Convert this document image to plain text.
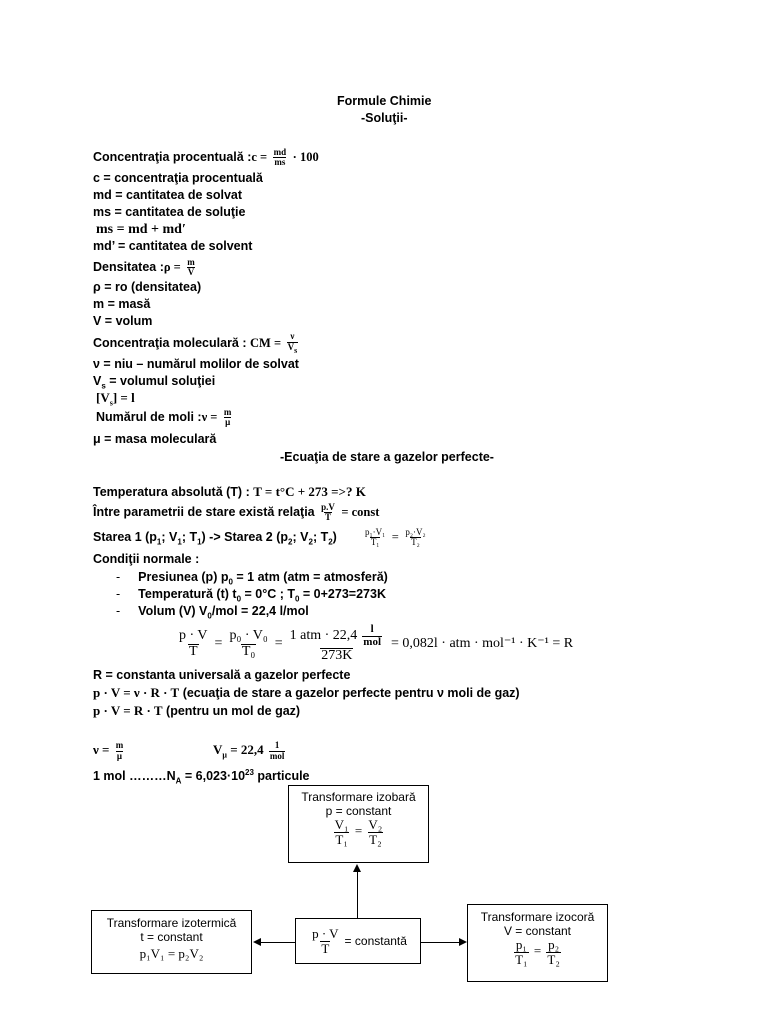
Formule Chimie
-Soluţii-
Concentraţia procentuală :c = $\frac{md}{ms} \cdot 100$
c = concentraţia procentuală
md = cantitatea de solvat
ms = cantitatea de soluţie
ms = md + md′
md’ = cantitatea de solvent
Densitatea :ρ = $\frac{m}{V}$
ρ = ro (densitatea)
m = masă
V = volum
Concentraţia moleculară : CM = $\frac{\nu}{V_s}$
ν = niu – numărul molilor de solvat
$V_s$ = volumul soluţiei
$[V_s] = l$
Numărul de moli :ν = $\frac{m}{\mu}$
μ = masa moleculară
-Ecuaţia de stare a gazelor perfecte-
Temperatura absolută (T) : T = t°C + 273 =>? K
Între parametrii de stare există relaţia $\frac{p.V}{T}$ = const
Starea 1 ($p_1$; $V_1$; $T_1$) -> Starea 2 ($p_2$; $V_2$; $T_2$)	$\frac{\text{p₁·V₁}}{\text{T₁}} = \frac{\text{p₂·V₂}}{\text{T₂}}$
Condiţii normale :
- Presiunea (p) $p_0 = 1$ atm (atm = atmosferă)
- Temperatură (t) $t_0 = 0^\circ C$ ; $T_0 = 0+273=273K$
- Volum (V) $V_0$/mol = 22,4 l/mol
$\frac{p \cdot V}{T} = \frac{\text{p₀ · V₀}}{\text{T₀}} = \frac{1 atm \cdot 22,4 \frac{l}{\text{mol}}}{273K} = 0,082l$ · atm · mol⁻¹ · K⁻¹ = R
R = constanta universală a gazelor perfecte
p · V = ν · R · T (ecuaţia de stare a gazelor perfecte pentru ν moli de gaz)
p · V = R · T (pentru un mol de gaz)
$\nu = \frac{m}{\mu}$	$V_\mu = 22,4 \frac{1}{\text{mol}}$
1 mol $\dots\dots\dots N_A = 6,023\cdot 10^{23}$ particule
Transformare izobară
p = constant
$\frac{\text{V₁}}{\text{T₁}} = \frac{\text{V₂}}{\text{T₂}}$
$\frac{p \cdot V}{T}$ = constantă
Transformare izotermică
t = constant
p₁V₁ = p₂V₂
Transformare izocoră
V = constant
$\frac{\text{p₁}}{\text{T₁}} = \frac{\text{p₂}}{\text{T₂}}$
